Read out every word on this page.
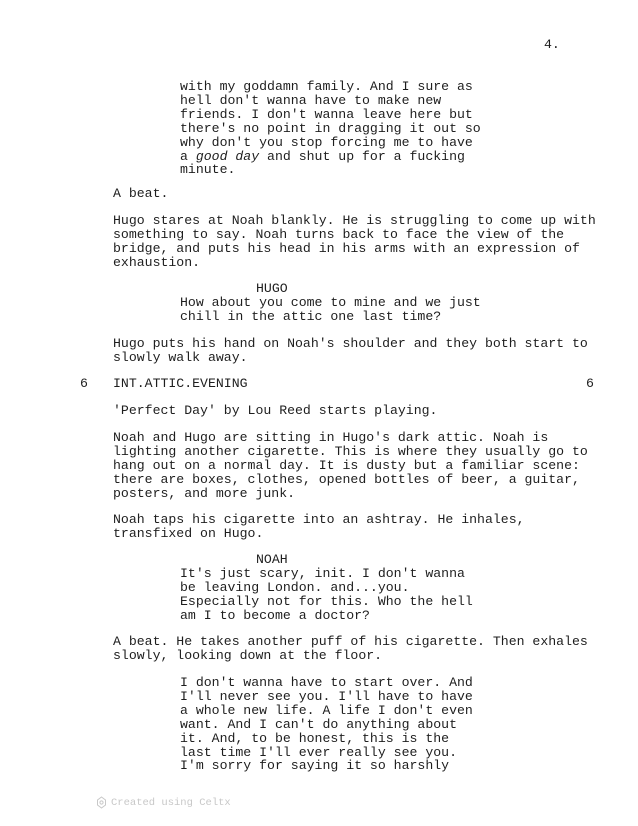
4.
with my goddamn family. And I sure as
hell don't wanna have to make new
friends. I don't wanna leave here but
there's no point in dragging it out so
why don't you stop forcing me to have
a good day and shut up for a fucking
minute.
A beat.
Hugo stares at Noah blankly. He is struggling to come up with
something to say. Noah turns back to face the view of the
bridge, and puts his head in his arms with an expression of
exhaustion.
HUGO
How about you come to mine and we just
chill in the attic one last time?
Hugo puts his hand on Noah's shoulder and they both start to
slowly walk away.
6 INT.ATTIC.EVENING	6
'Perfect Day' by Lou Reed starts playing.
Noah and Hugo are sitting in Hugo's dark attic. Noah is
lighting another cigarette. This is where they usually go to
hang out on a normal day. It is dusty but a familiar scene:
there are boxes, clothes, opened bottles of beer, a guitar,
posters, and more junk.
Noah taps his cigarette into an ashtray. He inhales,
transfixed on Hugo.
NOAH
It's just scary, init. I don't wanna
be leaving London. and...you.
Especially not for this. Who the hell
am I to become a doctor?
A beat. He takes another puff of his cigarette. Then exhales
slowly, looking down at the floor.
I don't wanna have to start over. And
I'll never see you. I'll have to have
a whole new life. A life I don't even
want. And I can't do anything about
it. And, to be honest, this is the
last time I'll ever really see you.
I'm sorry for saying it so harshly
Created using Celtx
